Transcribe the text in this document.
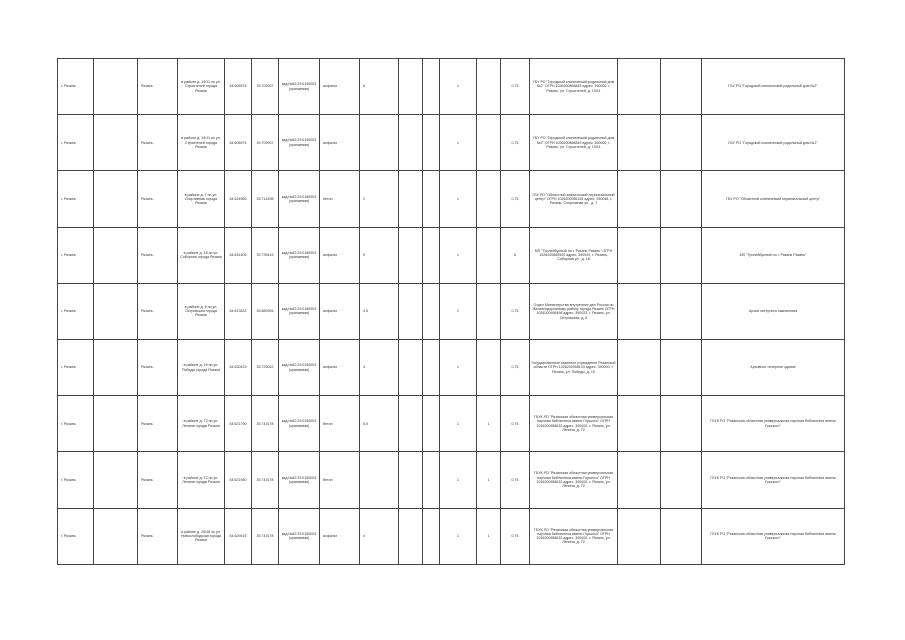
г. Рязань		Рязань	в районе д. 19/11 по ул. Строителей города Рязани	54.606974	39.709937	кад.№62:29:0150003 (оранжевая)	асфальт	6			1		0,75	ГБУ РО "Городской клинический родильный дом №2" ОГРН 1026200868849 адрес: 390000, г. Рязань, ул. Строителей, д. 19/11			ГБУ РО "Городской клинический родильный дом №2"
г. Рязань		Рязань	в районе д. 19/11 по ул. Строителей города Рязани	54.606974	39.709937	кад.№62:29:0150003 (оранжевая)	асфальт				1		0,75	ГБУ РО "Городской клинический родильный дом №2" ОГРН 1026200868849 адрес: 390000, г. Рязань, ул. Строителей, д. 19/11			ГБУ РО "Городской клинический родильный дом №2"
г. Рязань		Рязань	в районе д. 7 по ул. Спортивная города Рязани	54.624965	39.714498	кад.№62:29:0150003 (оранжевая)	бетон	2			1		0,75	ГБУ РО "Областной клинический перинатальный центр" ОГРН 1026200955145 адрес: 390048, г. Рязань, Спортивная ул., д. 7			ГБУ РО "Областной клинический перинатальный центр"
г. Рязань		Рязань	в районе д. 18 по ул. Соборная города Рязани	54.631405	39.739415	кад.№62:29:0150003 (оранжевая)	асфальт	9			1		6	МП "Тролейбусный по г. Рязани Рязань" ОГРН 1026200869920 адрес: 390000, г. Рязань, Соборная ул., д. 18			МП "Тролейбусный по г. Рязани Рязань"
г. Рязань		Рязань	в районе д. 6 по ул. Островская города Рязани	54.613633	39.683926	кад.№62:29:0150003 (оранжевая)	асфальт	4,5			2		0,75	Отдел Министерства внутренних дел России по Железнодорожному району города Рязань ОГРН 1026200956498 адрес: 390023, г. Рязань, ул. Островская, д. 6			Архив литерного назначения
г. Рязань		Рязань	в районе д. 19 по ул. Победы города Рязани	54.630423	39.725042	кад.№62:29:0150003 (оранжевая)	асфальт	4			1		0,75	Государственное казенное учреждение Рязанской области ОГРН 1026200958103 адрес: 390000, г. Рязань, ул. Победы, д. 19			Архивное литерное здание
г. Рязань		Рязань	в районе д. 72 по ул. Ленина города Рязани	54.621790	39.743178	кад.№62:29:0150003 (оранжевая)	бетон	5,5			1	1	0,75	ГБУК РО "Рязанская областная универсальная научная библиотека имени Горького" ОГРН 1026200958633 адрес: 390000, г. Рязань, ул. Ленина, д. 72			ГБУК РО "Рязанская областная универсальная научная библиотека имени Горького"
г. Рязань		Рязань	в районе д. 72 по ул. Ленина города Рязани	54.621940	39.743178	кад.№62:29:0150003 (оранжевая)	бетон				1	1	0,75	ГБУК РО "Рязанская областная универсальная научная библиотека имени Горького" ОГРН 1026200958633 адрес: 390000, г. Рязань, ул. Ленина, д. 72			ГБУК РО "Рязанская областная универсальная научная библиотека имени Горького"
г. Рязань		Рязань	в районе д. 26/48 по ул. Новослободская города Рязани	54.629415	39.743178	кад.№62:29:0150003 (оранжевая)	асфальт	4			1	1	0,75	ГБУК РО "Рязанская областная универсальная научная библиотека имени Горького" ОГРН 1026200958633 адрес: 390000, г. Рязань, ул. Ленина, д. 72			ГБУК РО "Рязанская областная универсальная научная библиотека имени Горького"
